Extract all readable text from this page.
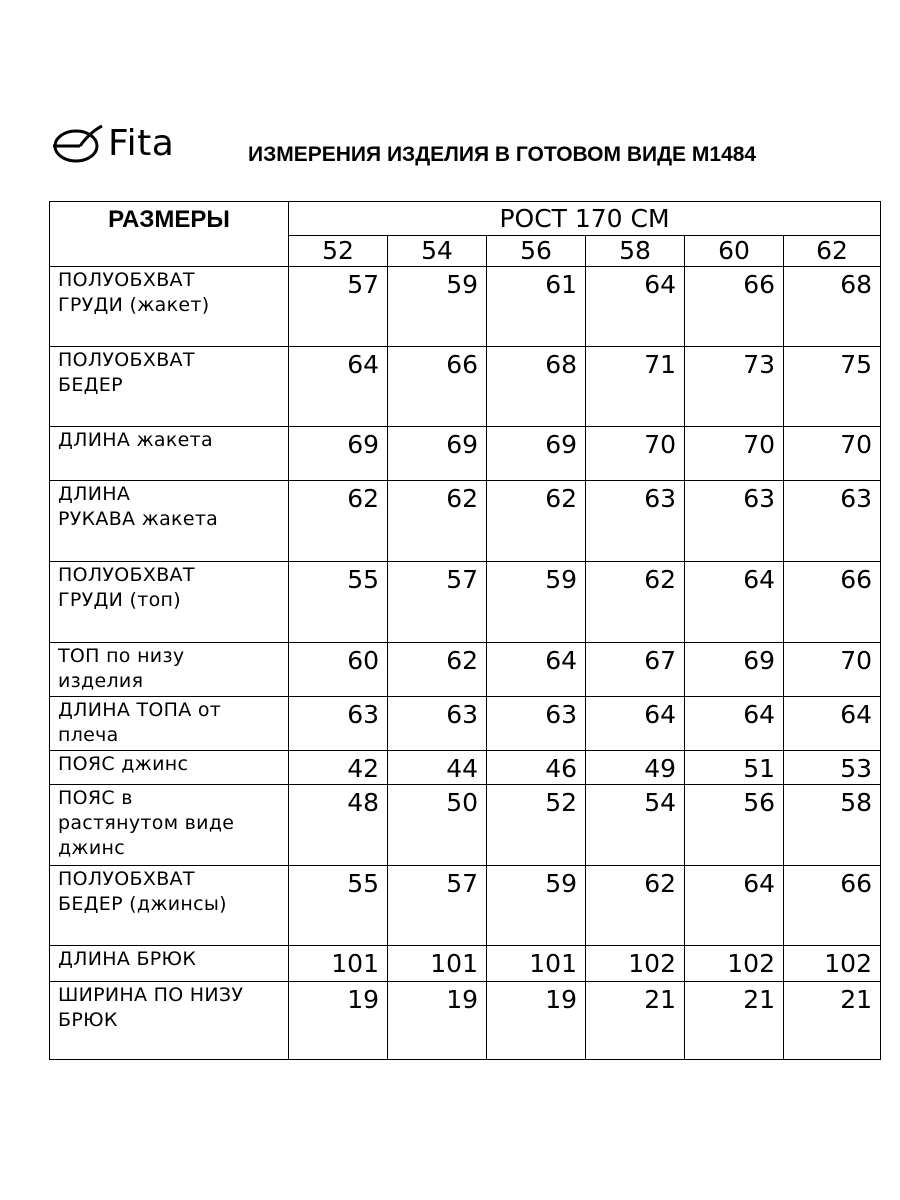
Fita	ИЗМЕРЕНИЯ ИЗДЕЛИЯ В ГОТОВОМ ВИДЕ М1484
РАЗМЕРЫ	РОСТ 170 СМ					
	52	54	56	58	60	62

ПОЛУОБХВАТ
ГРУДИ (жакет)	57	59	61	64	66	68

ПОЛУОБХВАТ
БЕДЕР	64	66	68	71	73	75

ДЛИНА жакета	69	69	69	70	70	70

ДЛИНА
РУКАВА жакета	62	62	62	63	63	63

ПОЛУОБХВАТ
ГРУДИ (топ)	55	57	59	62	64	66

ТОП по низу
изделия	60	62	64	67	69	70

ДЛИНА ТОПА от
плеча	63	63	63	64	64	64

ПОЯС джинс	42	44	46	49	51	53

ПОЯС в
растянутом виде
джинс	48	50	52	54	56	58

ПОЛУОБХВАТ
БЕДЕР (джинсы)	55	57	59	62	64	66

ДЛИНА БРЮК	101	101	101	102	102	102

ШИРИНА ПО НИЗУ
БРЮК	19	19	19	21	21	21
